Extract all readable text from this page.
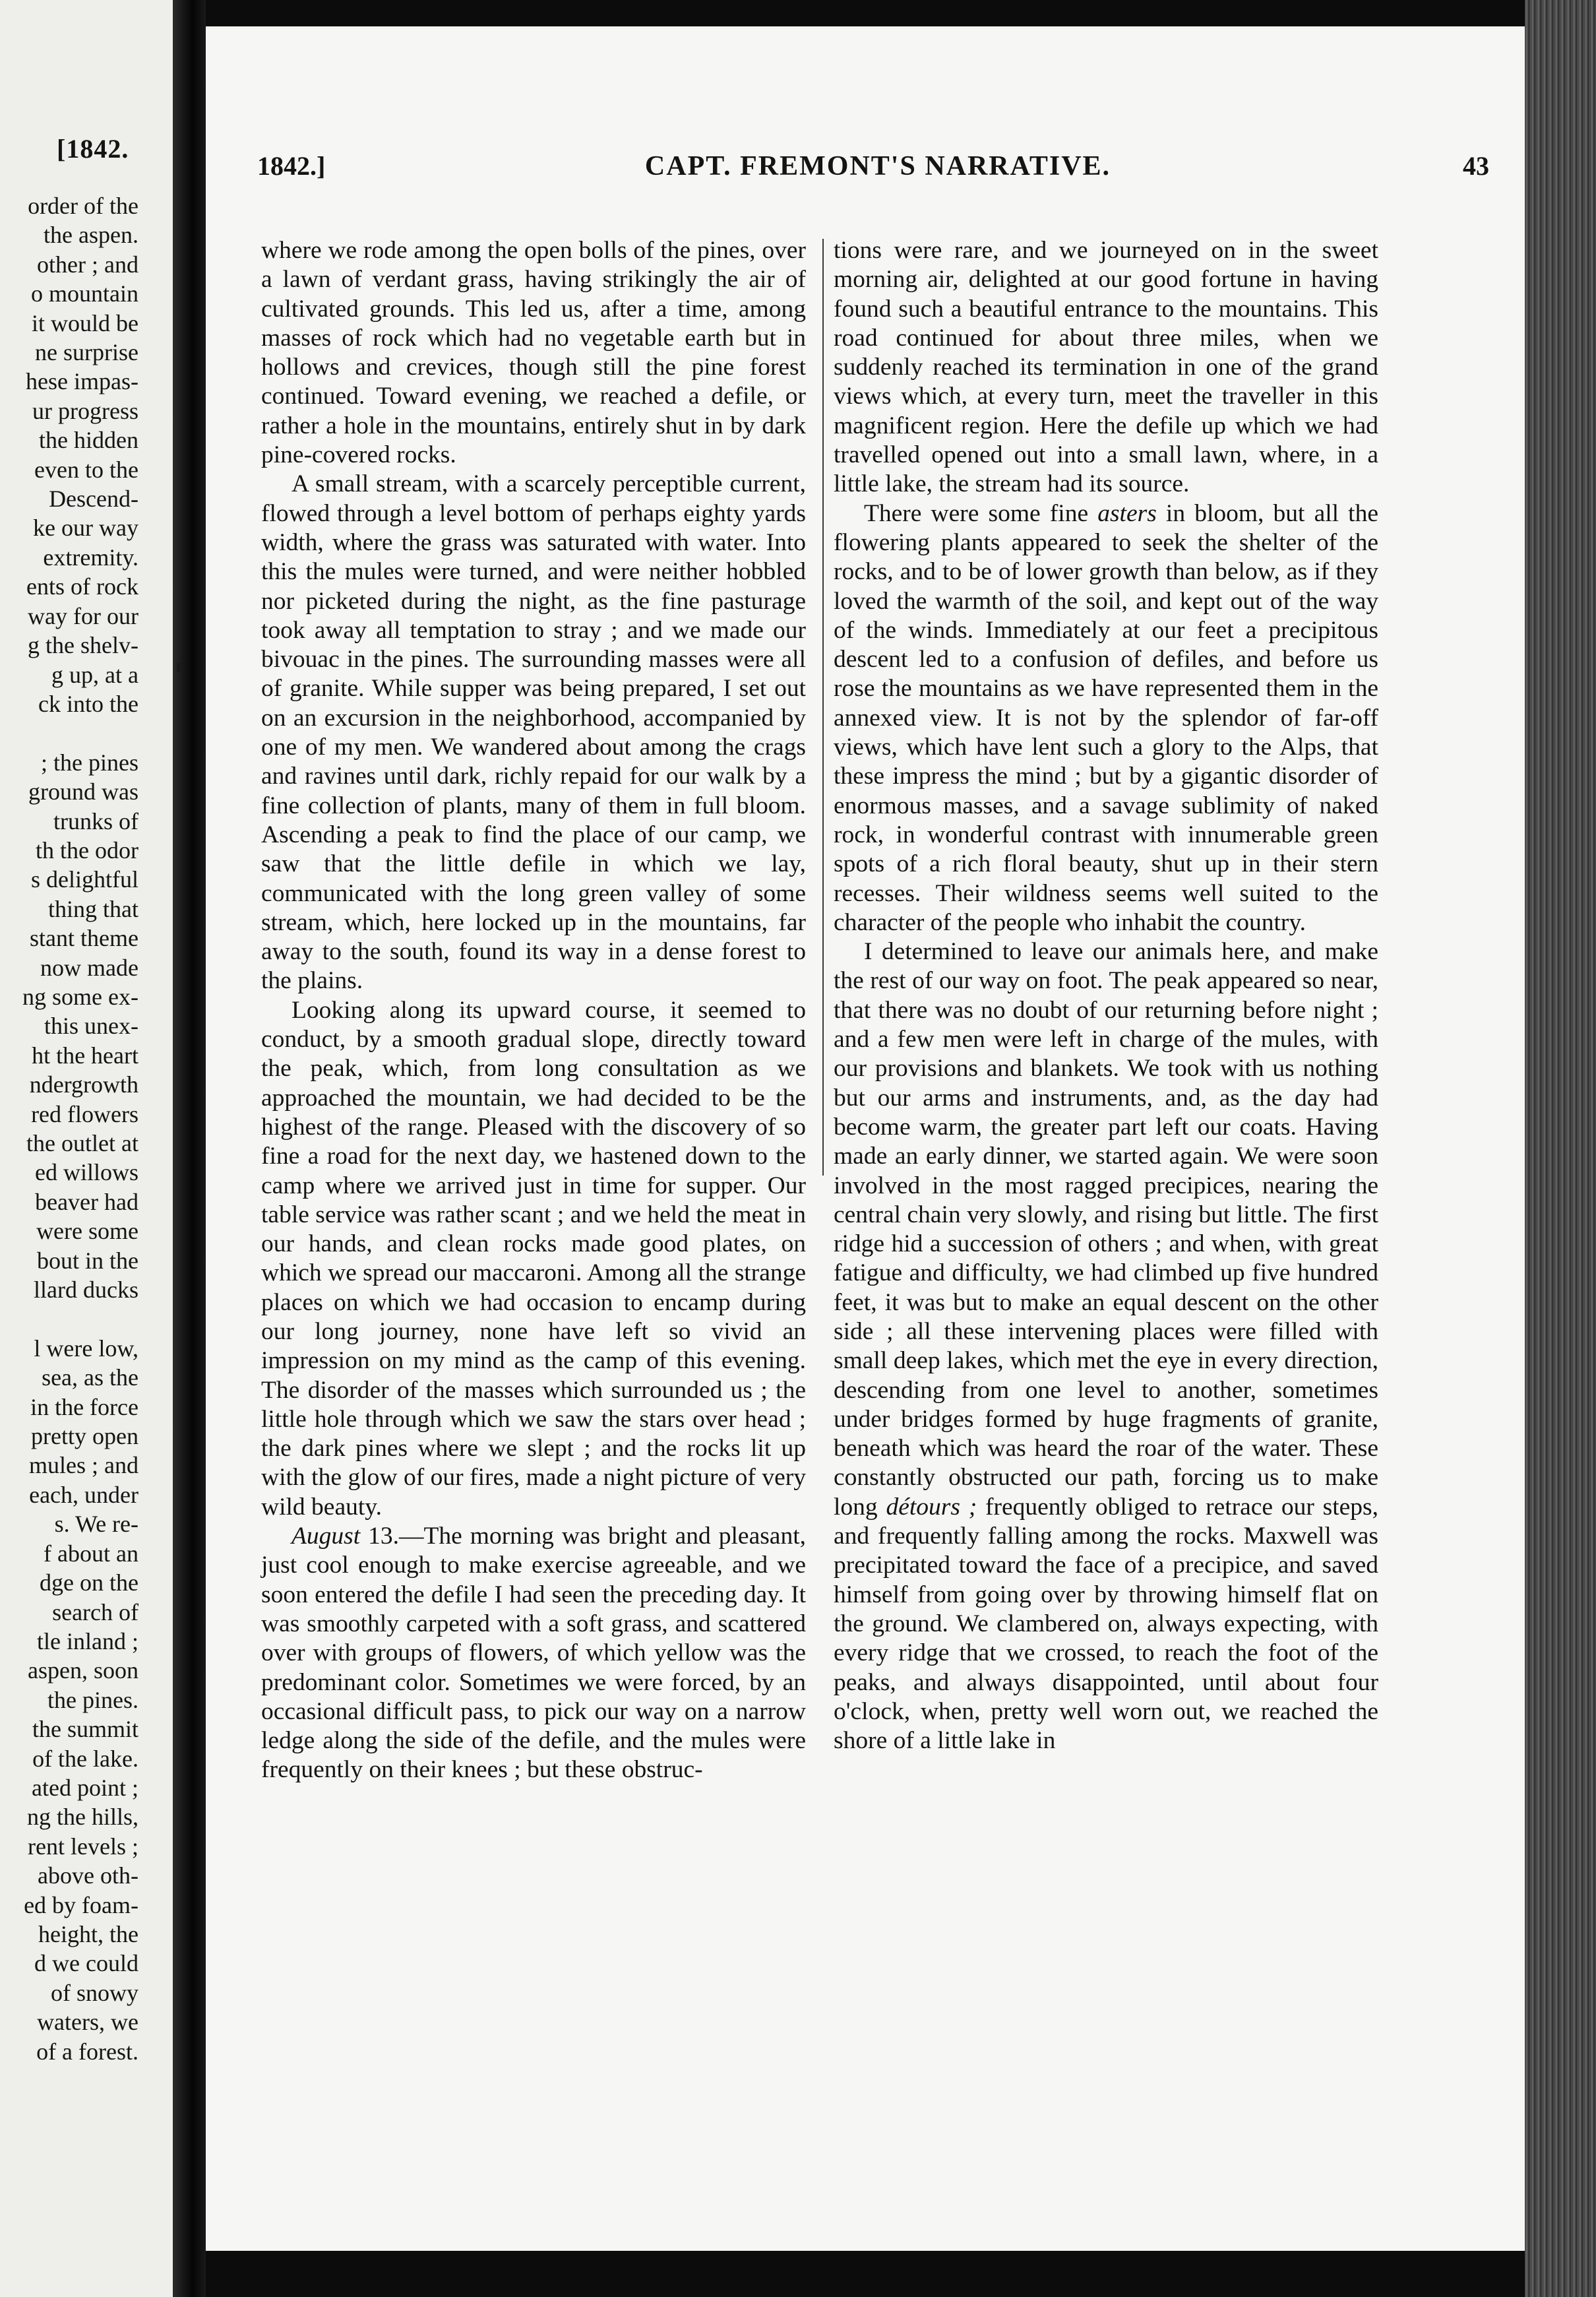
[1842.
order of the
the aspen.
other ; and
o mountain
it would be
ne surprise
hese impas-
ur progress
the hidden
even to the
Descend-
ke our way
extremity.
ents of rock
way for our
g the shelv-
g up, at a
ck into the

; the pines
ground was
trunks of
th the odor
s delightful
thing that
stant theme
now made
ng some ex-
this unex-
ht the heart
ndergrowth
red flowers
the outlet at
ed willows
beaver had
were some
bout in the
llard ducks

l were low,
sea, as the
in the force
pretty open
mules ; and
each, under
s. We re-
f about an
dge on the
search of
tle inland ;
aspen, soon
the pines.
the summit
of the lake.
ated point ;
ng the hills,
rent levels ;
above oth-
ed by foam-
height, the
d we could
of snowy
waters, we
of a forest.
1842.]	CAPT. FREMONT'S NARRATIVE.	43

where we rode among the open bolls of the pines, over a lawn of verdant grass, having strikingly the air of cultivated grounds. This led us, after a time, among masses of rock which had no vegetable earth but in hollows and crevices, though still the pine forest continued. Toward evening, we reached a defile, or rather a hole in the mountains, entirely shut in by dark pine-covered rocks.

A small stream, with a scarcely perceptible current, flowed through a level bottom of perhaps eighty yards width, where the grass was saturated with water. Into this the mules were turned, and were neither hobbled nor picketed during the night, as the fine pasturage took away all temptation to stray ; and we made our bivouac in the pines. The surrounding masses were all of granite. While supper was being prepared, I set out on an excursion in the neighborhood, accompanied by one of my men. We wandered about among the crags and ravines until dark, richly repaid for our walk by a fine collection of plants, many of them in full bloom. Ascending a peak to find the place of our camp, we saw that the little defile in which we lay, communicated with the long green valley of some stream, which, here locked up in the mountains, far away to the south, found its way in a dense forest to the plains.

Looking along its upward course, it seemed to conduct, by a smooth gradual slope, directly toward the peak, which, from long consultation as we approached the mountain, we had decided to be the highest of the range. Pleased with the discovery of so fine a road for the next day, we hastened down to the camp where we arrived just in time for supper. Our table service was rather scant ; and we held the meat in our hands, and clean rocks made good plates, on which we spread our maccaroni. Among all the strange places on which we had occasion to encamp during our long journey, none have left so vivid an impression on my mind as the camp of this evening. The disorder of the masses which surrounded us ; the little hole through which we saw the stars over head ; the dark pines where we slept ; and the rocks lit up with the glow of our fires, made a night picture of very wild beauty.

August 13.—The morning was bright and pleasant, just cool enough to make exercise agreeable, and we soon entered the defile I had seen the preceding day. It was smoothly carpeted with a soft grass, and scattered over with groups of flowers, of which yellow was the predominant color. Sometimes we were forced, by an occasional difficult pass, to pick our way on a narrow ledge along the side of the defile, and the mules were frequently on their knees ; but these obstruc-

tions were rare, and we journeyed on in the sweet morning air, delighted at our good fortune in having found such a beautiful entrance to the mountains. This road continued for about three miles, when we suddenly reached its termination in one of the grand views which, at every turn, meet the traveller in this magnificent region. Here the defile up which we had travelled opened out into a small lawn, where, in a little lake, the stream had its source.

There were some fine asters in bloom, but all the flowering plants appeared to seek the shelter of the rocks, and to be of lower growth than below, as if they loved the warmth of the soil, and kept out of the way of the winds. Immediately at our feet a precipitous descent led to a confusion of defiles, and before us rose the mountains as we have represented them in the annexed view. It is not by the splendor of far-off views, which have lent such a glory to the Alps, that these impress the mind ; but by a gigantic disorder of enormous masses, and a savage sublimity of naked rock, in wonderful contrast with innumerable green spots of a rich floral beauty, shut up in their stern recesses. Their wildness seems well suited to the character of the people who inhabit the country.

I determined to leave our animals here, and make the rest of our way on foot. The peak appeared so near, that there was no doubt of our returning before night ; and a few men were left in charge of the mules, with our provisions and blankets. We took with us nothing but our arms and instruments, and, as the day had become warm, the greater part left our coats. Having made an early dinner, we started again. We were soon involved in the most ragged precipices, nearing the central chain very slowly, and rising but little. The first ridge hid a succession of others ; and when, with great fatigue and difficulty, we had climbed up five hundred feet, it was but to make an equal descent on the other side ; all these intervening places were filled with small deep lakes, which met the eye in every direction, descending from one level to another, sometimes under bridges formed by huge fragments of granite, beneath which was heard the roar of the water. These constantly obstructed our path, forcing us to make long détours ; frequently obliged to retrace our steps, and frequently falling among the rocks. Maxwell was precipitated toward the face of a precipice, and saved himself from going over by throwing himself flat on the ground. We clambered on, always expecting, with every ridge that we crossed, to reach the foot of the peaks, and always disappointed, until about four o'clock, when, pretty well worn out, we reached the shore of a little lake in
